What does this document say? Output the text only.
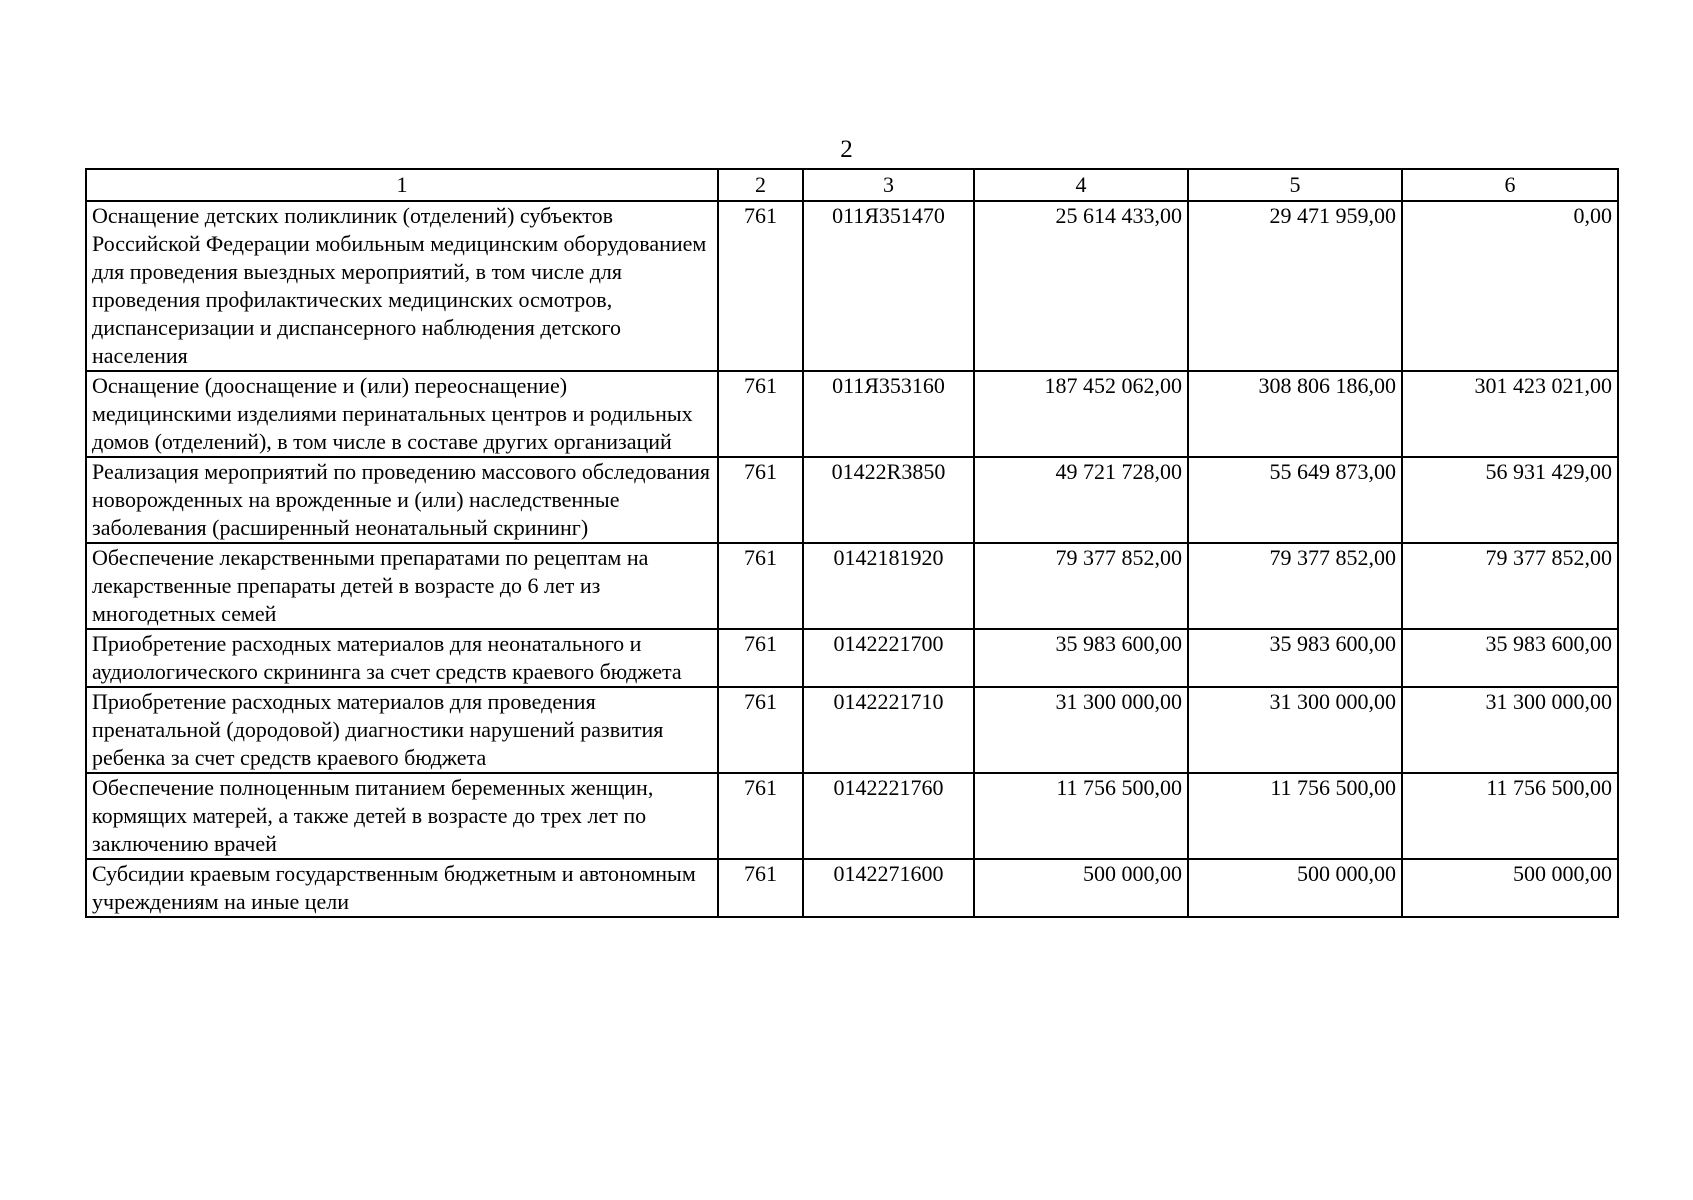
2
1	2	3	4	5	6
Оснащение детских поликлиник (отделений) субъектов Российской Федерации мобильным медицинским оборудованием для проведения выездных мероприятий, в том числе для проведения профилактических медицинских осмотров, диспансеризации и диспансерного наблюдения детского населения	761	011Я351470	25 614 433,00	29 471 959,00	0,00
Оснащение (дооснащение и (или) переоснащение) медицинскими изделиями перинатальных центров и родильных домов (отделений), в том числе в составе других организаций	761	011Я353160	187 452 062,00	308 806 186,00	301 423 021,00
Реализация мероприятий по проведению массового обследования новорожденных на врожденные и (или) наследственные заболевания (расширенный неонатальный скрининг)	761	01422R3850	49 721 728,00	55 649 873,00	56 931 429,00
Обеспечение лекарственными препаратами по рецептам на лекарственные препараты детей в возрасте до 6 лет из многодетных семей	761	0142181920	79 377 852,00	79 377 852,00	79 377 852,00
Приобретение расходных материалов для неонатального и аудиологического скрининга за счет средств краевого бюджета	761	0142221700	35 983 600,00	35 983 600,00	35 983 600,00
Приобретение расходных материалов для проведения пренатальной (дородовой) диагностики нарушений развития ребенка за счет средств краевого бюджета	761	0142221710	31 300 000,00	31 300 000,00	31 300 000,00
Обеспечение полноценным питанием беременных женщин, кормящих матерей, а также детей в возрасте до трех лет по заключению врачей	761	0142221760	11 756 500,00	11 756 500,00	11 756 500,00
Субсидии краевым государственным бюджетным и автономным учреждениям на иные цели	761	0142271600	500 000,00	500 000,00	500 000,00
